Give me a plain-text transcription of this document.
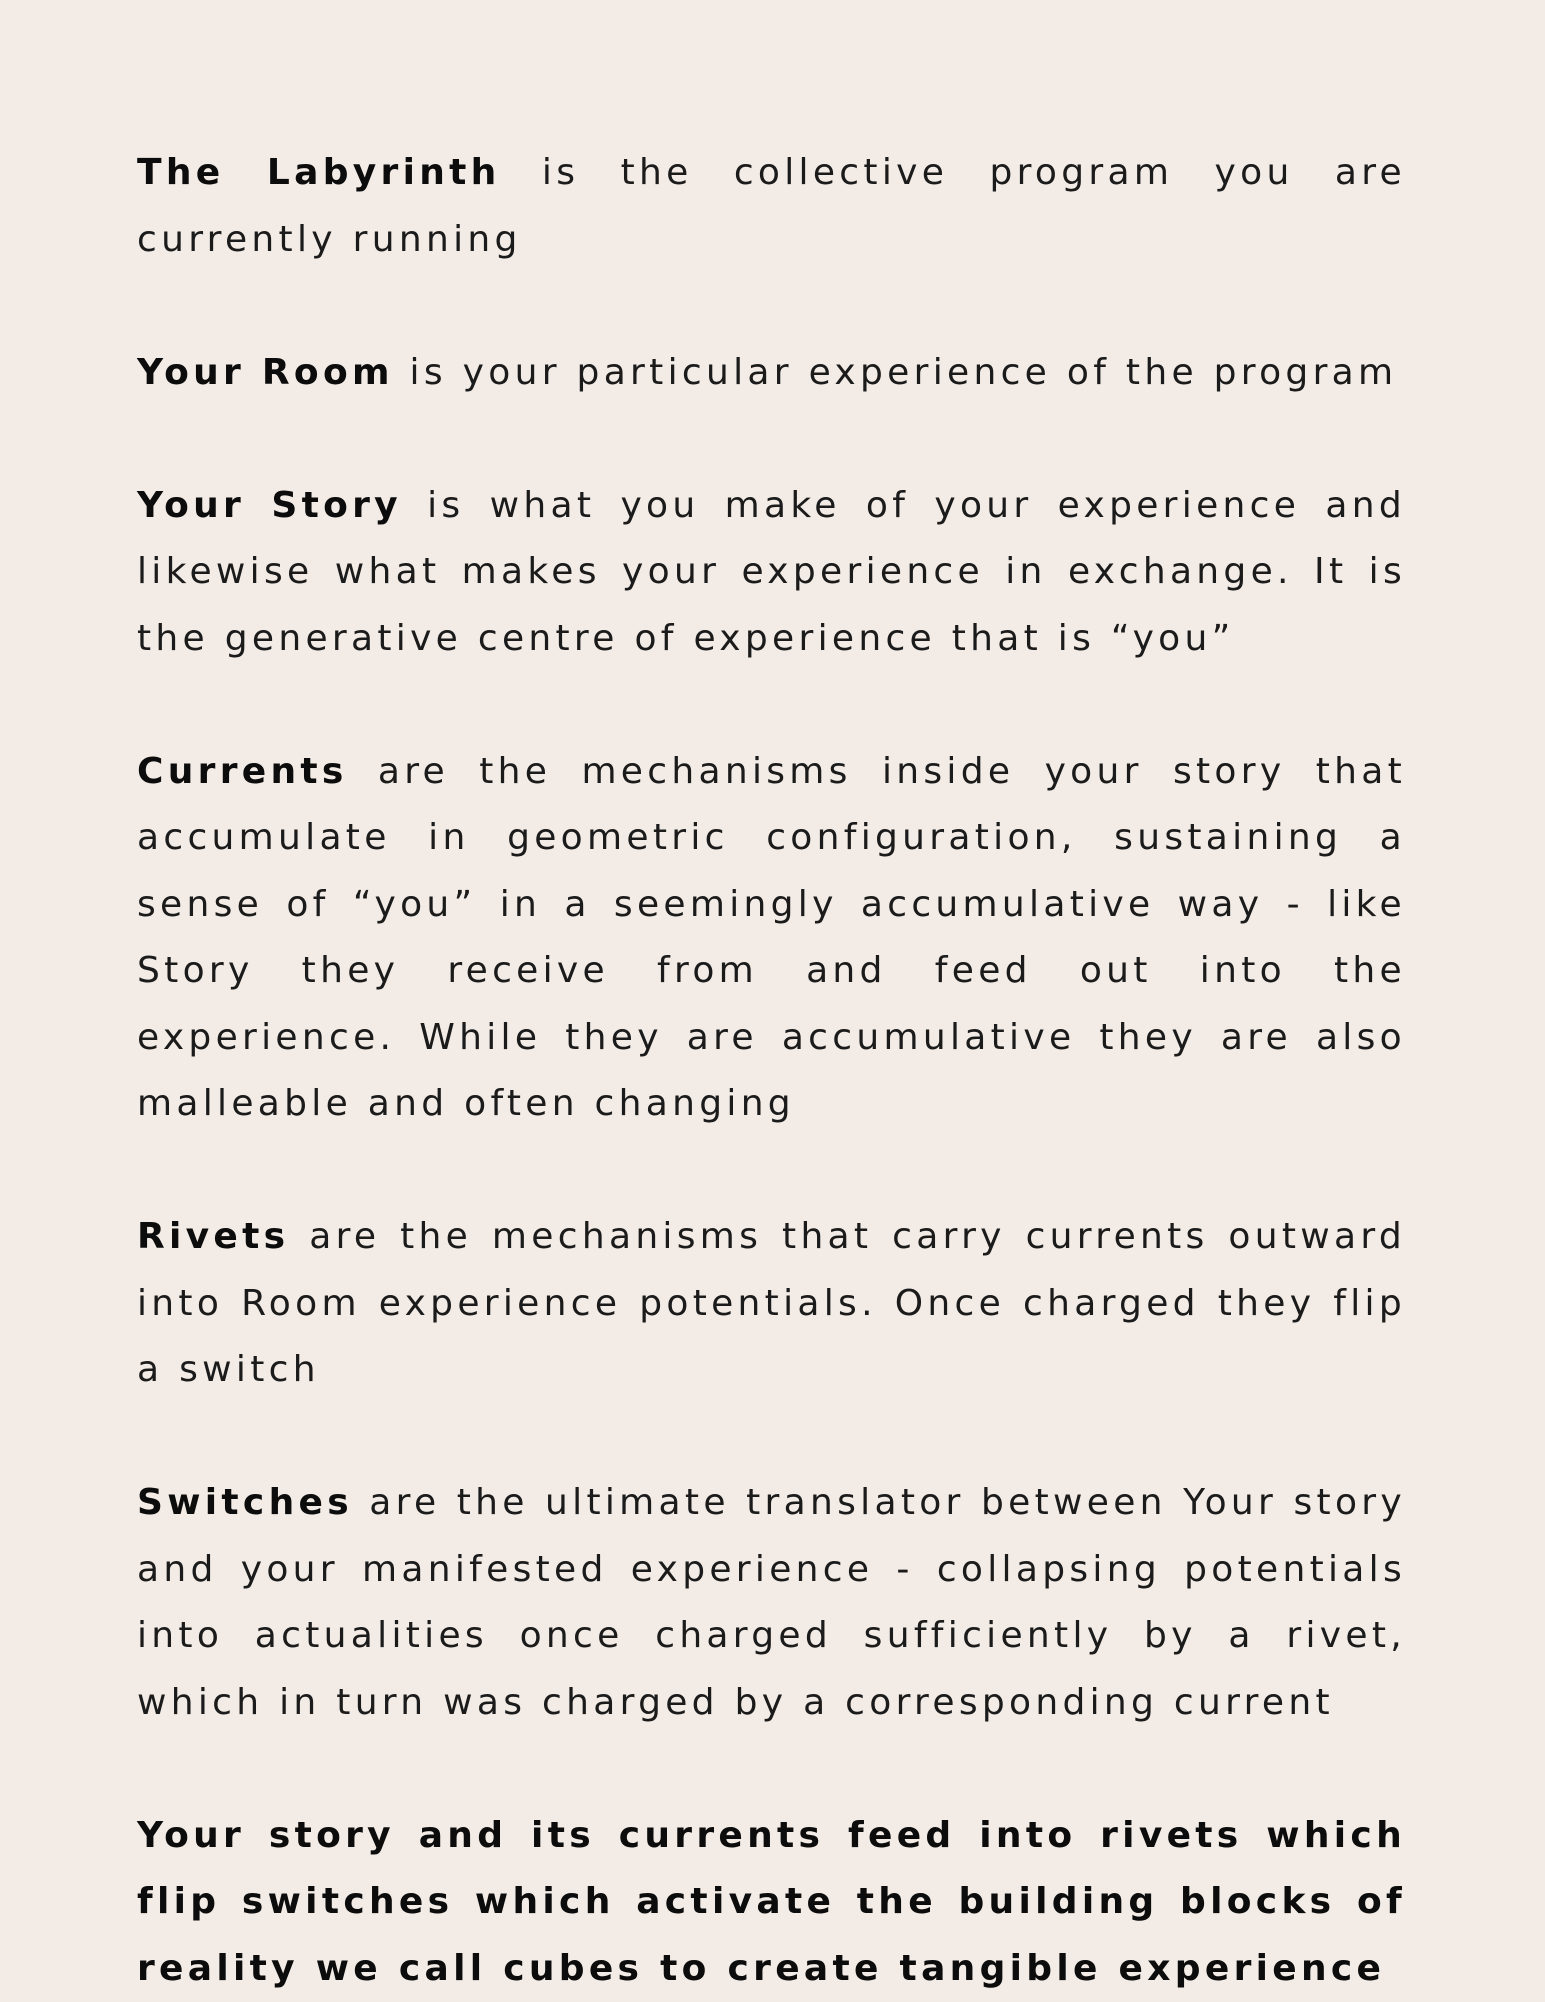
The Labyrinth is the collective program you are currently running

Your Room is your particular experience of the program

Your Story is what you make of your experience and likewise what makes your experience in exchange. It is the generative centre of experience that is “you”

Currents are the mechanisms inside your story that accumulate in geometric configuration, sustaining a sense of “you” in a seemingly accumulative way - like Story they receive from and feed out into the experience. While they are accumulative they are also malleable and often changing

Rivets are the mechanisms that carry currents outward into Room experience potentials. Once charged they flip a switch

Switches are the ultimate translator between Your story and your manifested experience - collapsing potentials into actualities once charged sufficiently by a rivet, which in turn was charged by a corresponding current

Your story and its currents feed into rivets which flip switches which activate the building blocks of reality we call cubes to create tangible experience
